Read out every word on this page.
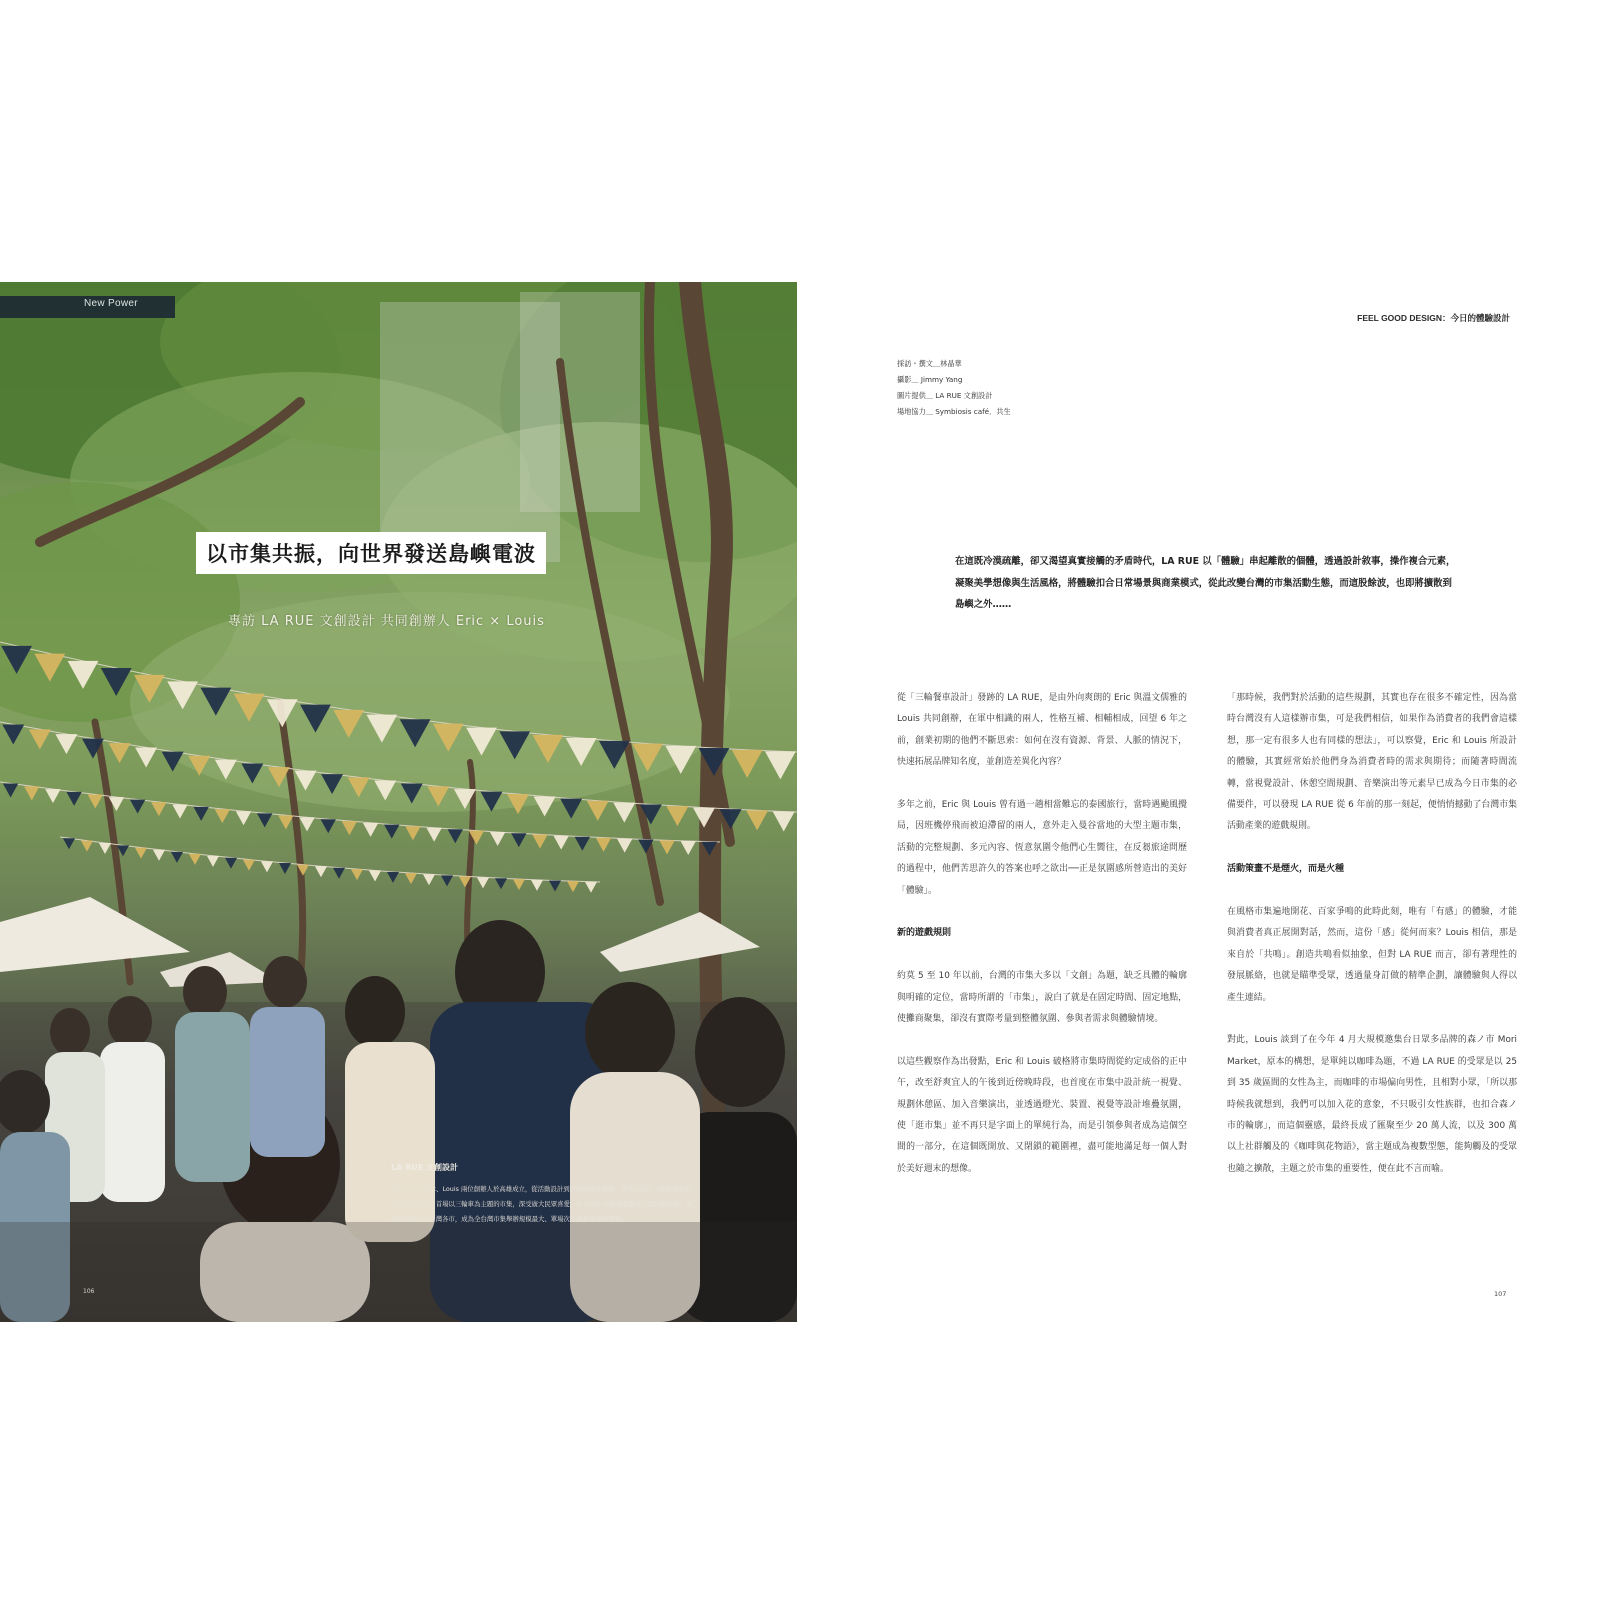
New Power
以市集共振，向世界發送島嶼電波
專訪 LA RUE 文創設計 共同創辦人 Eric × Louis
LA RUE 文創設計
2017 年由 Eric、Louis 兩位創辦人於高雄成立，從活動設計到活動與設計顧問，首先以設計三輪餐車起家，於同年舉辦全台首場以三輪車為主題的市集，深受廣大民眾喜愛。於 2019 年後著重整合行銷活動規劃，業務範圍擴及全台灣各市，成為全台灣市集舉辦規模最大、單場次人流量最高的團隊。
106
FEEL GOOD DESIGN：今日的體驗設計
採訪・撰文＿林晶華
攝影＿ Jimmy Yang
圖片提供＿ LA RUE 文創設計
場地協力＿ Symbiosis café．共生
在這既冷漠疏離，卻又渴望真實接觸的矛盾時代，LA RUE 以「體驗」串起離散的個體，透過設計敘事，操作複合元素，凝聚美學想像與生活風格，將體驗扣合日常場景與商業模式，從此改變台灣的市集活動生態，而這股餘波，也即將擴散到島嶼之外……

從「三輪餐車設計」發跡的 LA RUE，是由外向爽朗的 Eric 與溫文儒雅的 Louis 共同創辦，在軍中相識的兩人，性格互補、相輔相成，回望 6 年之前，創業初期的他們不斷思索：如何在沒有資源、背景、人脈的情況下，快速拓展品牌知名度，並創造差異化內容？

多年之前，Eric 與 Louis 曾有過一趟相當難忘的泰國旅行，當時遇颱風攪局，因班機停飛而被迫滯留的兩人，意外走入曼谷當地的大型主題市集，活動的完整規劃、多元內容、恆意氛圍令他們心生嚮往，在反芻旅途問歷的過程中，他們苦思許久的答案也呼之欲出──正是氛圍感所營造出的美好「體驗」。

新的遊戲規則

約莫 5 至 10 年以前，台灣的市集大多以「文創」為題，缺乏具體的輪廓與明確的定位，當時所謂的「市集」，說白了就是在固定時間、固定地點，使攤商聚集，卻沒有實際考量到整體氛圍、參與者需求與體驗情境。

以這些觀察作為出發點，Eric 和 Louis 破格將市集時間從約定成俗的正中午，改至舒爽宜人的午後到近傍晚時段，也首度在市集中設計統一視覺、規劃休憩區、加入音樂演出，並透過燈光、裝置、視覺等設計堆疊氛圍，使「逛市集」並不再只是字面上的單純行為，而是引領參與者成為這個空間的一部分，在這個既開放、又閉鎖的範圍裡，盡可能地滿足每一個人對於美好週末的想像。

「那時候，我們對於活動的這些規劃，其實也存在很多不確定性，因為當時台灣沒有人這樣辦市集，可是我們相信，如果作為消費者的我們會這樣想，那一定有很多人也有同樣的想法」，可以察覺，Eric 和 Louis 所設計的體驗，其實經常始於他們身為消費者時的需求與期待；而隨著時間流轉，當視覺設計、休憩空間規劃、音樂演出等元素早已成為今日市集的必備要件，可以發現 LA RUE 從 6 年前的那一刻起，便悄悄撼動了台灣市集活動產業的遊戲規則。

活動策畫不是煙火，而是火種

在風格市集遍地開花、百家爭鳴的此時此刻，唯有「有感」的體驗，才能與消費者真正展開對話，然而，這份「感」從何而來？Louis 相信，那是來自於「共鳴」。創造共鳴看似抽象，但對 LA RUE 而言，卻有著理性的發展脈絡，也就是瞄準受眾，透過量身訂做的精準企劃，讓體驗與人得以產生連結。

對此，Louis 談到了在今年 4 月大規模邀集台日眾多品牌的森ノ市 Mori Market，原本的構想，是單純以咖啡為題，不過 LA RUE 的受眾是以 25 到 35 歲區間的女性為主，而咖啡的市場偏向男性，且相對小眾，「所以那時候我就想到，我們可以加入花的意象，不只吸引女性族群，也扣合森ノ市的輪廓」，而這個靈感，最終長成了匯聚至少 20 萬人流，以及 300 萬以上社群觸及的《咖啡與花物語》，當主題成為複數型態，能夠觸及的受眾也隨之擴散，主題之於市集的重要性，便在此不言而喻。

107
